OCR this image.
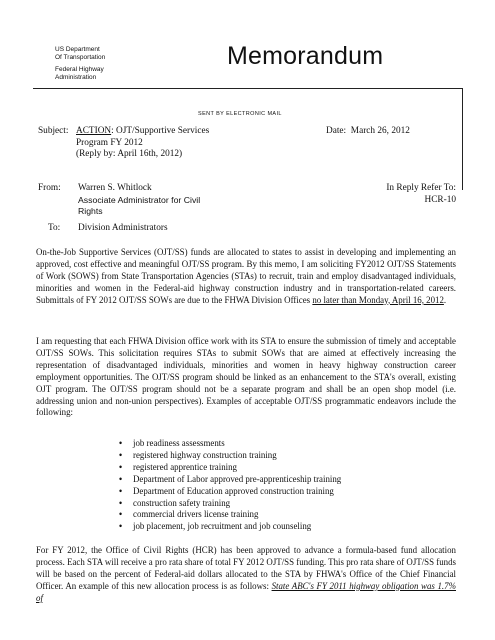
US Department
Of Transportation
Federal Highway
Administration
Memorandum
SENT BY ELECTRONIC MAIL
Subject: ACTION: OJT/Supportive Services
Program FY 2012
(Reply by: April 16th, 2012)
Date: March 26, 2012
From: Warren S. Whitlock
Associate Administrator for Civil
Rights
In Reply Refer To:
HCR-10
To: Division Administrators

On-the-Job Supportive Services (OJT/SS) funds are allocated to states to assist in developing and implementing an approved, cost effective and meaningful OJT/SS program. By this memo, I am soliciting FY2012 OJT/SS Statements of Work (SOWS) from State Transportation Agencies (STAs) to recruit, train and employ disadvantaged individuals, minorities and women in the Federal-aid highway construction industry and in transportation-related careers. Submittals of FY 2012 OJT/SS SOWs are due to the FHWA Division Offices no later than Monday, April 16, 2012.

I am requesting that each FHWA Division office work with its STA to ensure the submission of timely and acceptable OJT/SS SOWs. This solicitation requires STAs to submit SOWs that are aimed at effectively increasing the representation of disadvantaged individuals, minorities and women in heavy highway construction career employment opportunities. The OJT/SS program should be linked as an enhancement to the STA's overall, existing OJT program. The OJT/SS program should not be a separate program and shall be an open shop model (i.e. addressing union and non-union perspectives). Examples of acceptable OJT/SS programmatic endeavors include the following:

• job readiness assessments
• registered highway construction training
• registered apprentice training
• Department of Labor approved pre-apprenticeship training
• Department of Education approved construction training
• construction safety training
• commercial drivers license training
• job placement, job recruitment and job counseling

For FY 2012, the Office of Civil Rights (HCR) has been approved to advance a formula-based fund allocation process. Each STA will receive a pro rata share of total FY 2012 OJT/SS funding. This pro rata share of OJT/SS funds will be based on the percent of Federal-aid dollars allocated to the STA by FHWA's Office of the Chief Financial Officer. An example of this new allocation process is as follows: State ABC's FY 2011 highway obligation was 1.7% of
